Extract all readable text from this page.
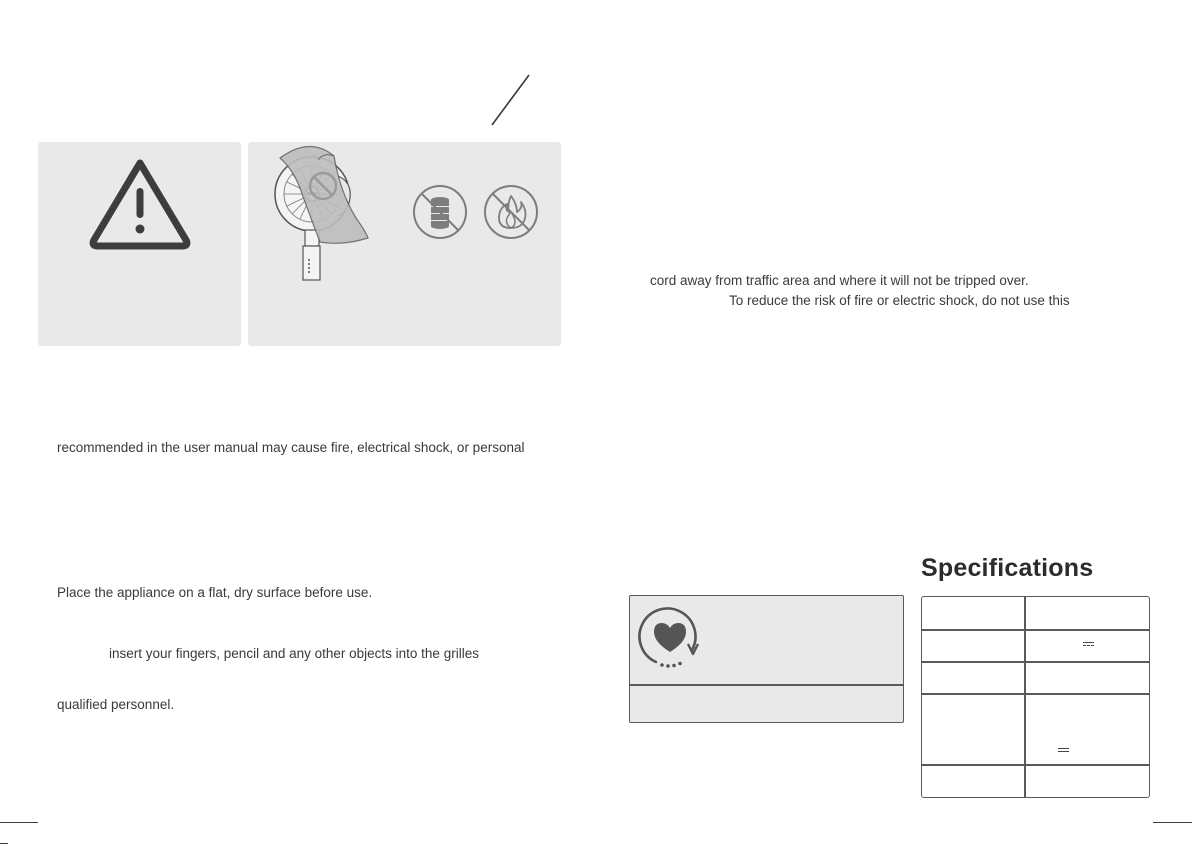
recommended in the user manual may cause fire, electrical shock, or personal
Place the appliance on a flat, dry surface before use.
insert your fingers, pencil and any other objects into the grilles
qualified personnel.
cord away from traffic area and where it will not be tripped over.
To reduce the risk of fire or electric shock, do not use this
Specifications
